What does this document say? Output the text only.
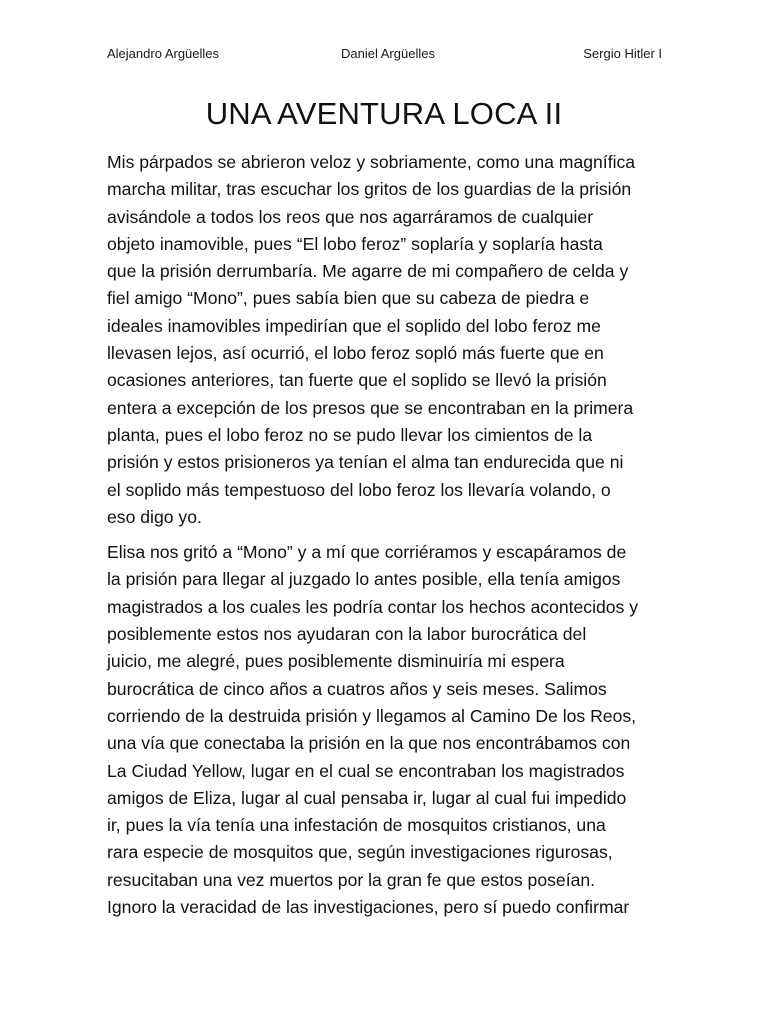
Alejandro Argüelles	Daniel Argüelles	Sergio Hitler I
UNA AVENTURA LOCA II

Mis párpados se abrieron veloz y sobriamente, como una magnífica
marcha militar, tras escuchar los gritos de los guardias de la prisión
avisándole a todos los reos que nos agarráramos de cualquier
objeto inamovible, pues “El lobo feroz” soplaría y soplaría hasta
que la prisión derrumbaría. Me agarre de mi compañero de celda y
fiel amigo “Mono”, pues sabía bien que su cabeza de piedra e
ideales inamovibles impedirían que el soplido del lobo feroz me
llevasen lejos, así ocurrió, el lobo feroz sopló más fuerte que en
ocasiones anteriores, tan fuerte que el soplido se llevó la prisión
entera a excepción de los presos que se encontraban en la primera
planta, pues el lobo feroz no se pudo llevar los cimientos de la
prisión y estos prisioneros ya tenían el alma tan endurecida que ni
el soplido más tempestuoso del lobo feroz los llevaría volando, o
eso digo yo.

Elisa nos gritó a “Mono” y a mí que corriéramos y escapáramos de
la prisión para llegar al juzgado lo antes posible, ella tenía amigos
magistrados a los cuales les podría contar los hechos acontecidos y
posiblemente estos nos ayudaran con la labor burocrática del
juicio, me alegré, pues posiblemente disminuiría mi espera
burocrática de cinco años a cuatros años y seis meses. Salimos
corriendo de la destruida prisión y llegamos al Camino De los Reos,
una vía que conectaba la prisión en la que nos encontrábamos con
La Ciudad Yellow, lugar en el cual se encontraban los magistrados
amigos de Eliza, lugar al cual pensaba ir, lugar al cual fui impedido
ir, pues la vía tenía una infestación de mosquitos cristianos, una
rara especie de mosquitos que, según investigaciones rigurosas,
resucitaban una vez muertos por la gran fe que estos poseían.
Ignoro la veracidad de las investigaciones, pero sí puedo confirmar
